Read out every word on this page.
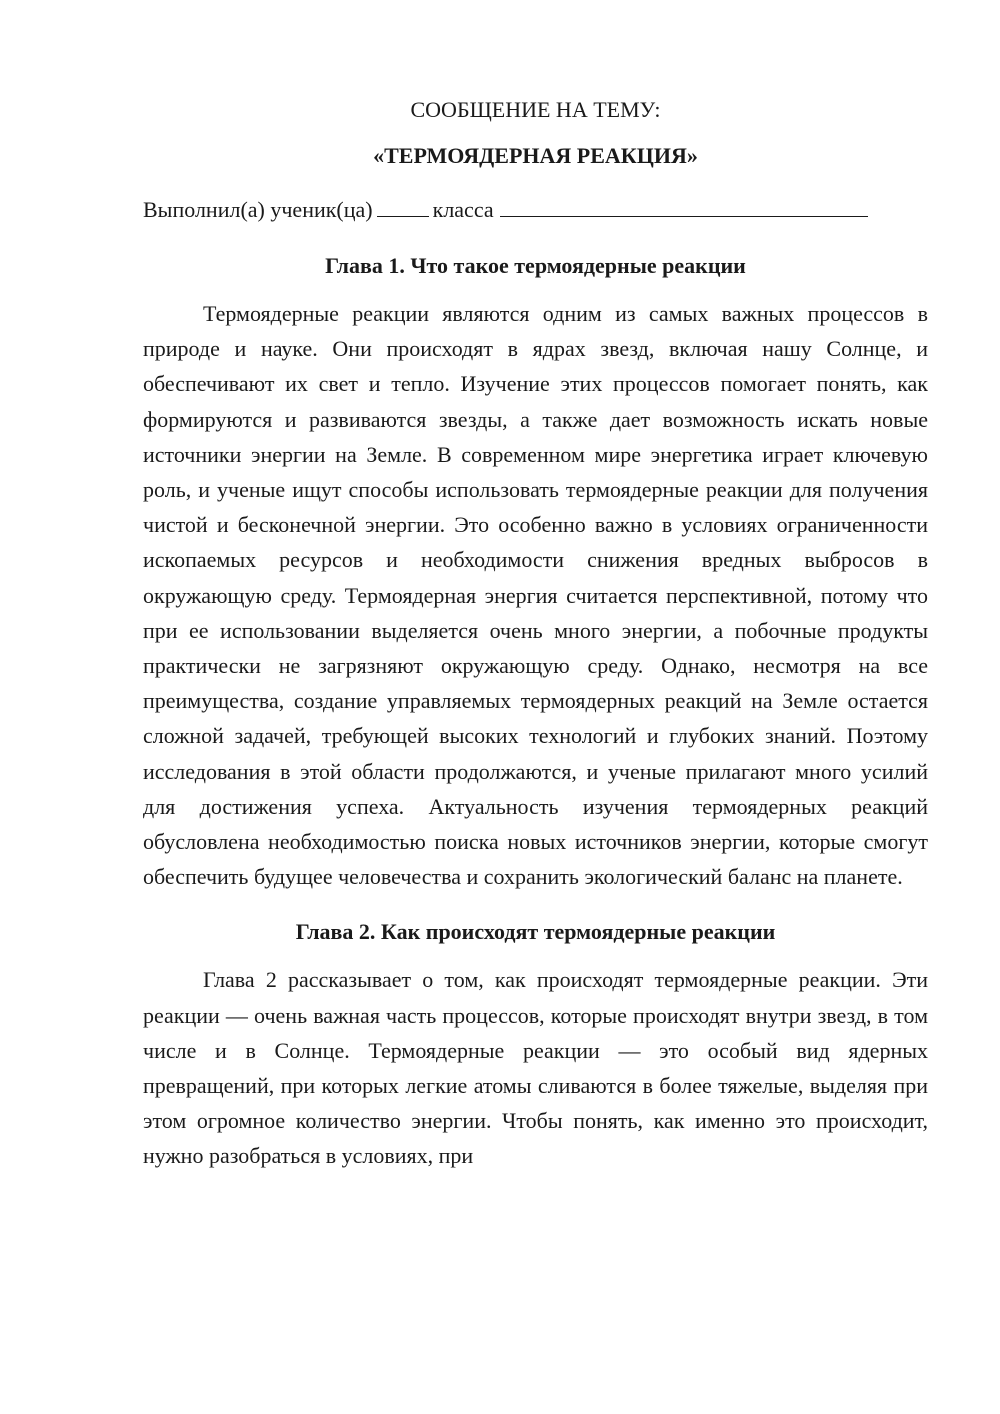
СООБЩЕНИЕ НА ТЕМУ:

«ТЕРМОЯДЕРНАЯ РЕАКЦИЯ»

Выполнил(а) ученик(ца)	класса
Глава 1. Что такое термоядерные реакции

Термоядерные реакции являются одним из самых важных процессов в природе и науке. Они происходят в ядрах звезд, включая нашу Солнце, и обеспечивают их свет и тепло. Изучение этих процессов помогает понять, как формируются и развиваются звезды, а также дает возможность искать новые источники энергии на Земле. В современном мире энергетика играет ключевую роль, и ученые ищут способы использовать термоядерные реакции для получения чистой и бесконечной энергии. Это особенно важно в условиях ограниченности ископаемых ресурсов и необходимости снижения вредных выбросов в окружающую среду. Термоядерная энергия считается перспективной, потому что при ее использовании выделяется очень много энергии, а побочные продукты практически не загрязняют окружающую среду. Однако, несмотря на все преимущества, создание управляемых термоядерных реакций на Земле остается сложной задачей, требующей высоких технологий и глубоких знаний. Поэтому исследования в этой области продолжаются, и ученые прилагают много усилий для достижения успеха. Актуальность изучения термоядерных реакций обусловлена необходимостью поиска новых источников энергии, которые смогут обеспечить будущее человечества и сохранить экологический баланс на планете.

Глава 2. Как происходят термоядерные реакции

Глава 2 рассказывает о том, как происходят термоядерные реакции. Эти реакции — очень важная часть процессов, которые происходят внутри звезд, в том числе и в Солнце. Термоядерные реакции — это особый вид ядерных превращений, при которых легкие атомы сливаются в более тяжелые, выделяя при этом огромное количество энергии. Чтобы понять, как именно это происходит, нужно разобраться в условиях, при
